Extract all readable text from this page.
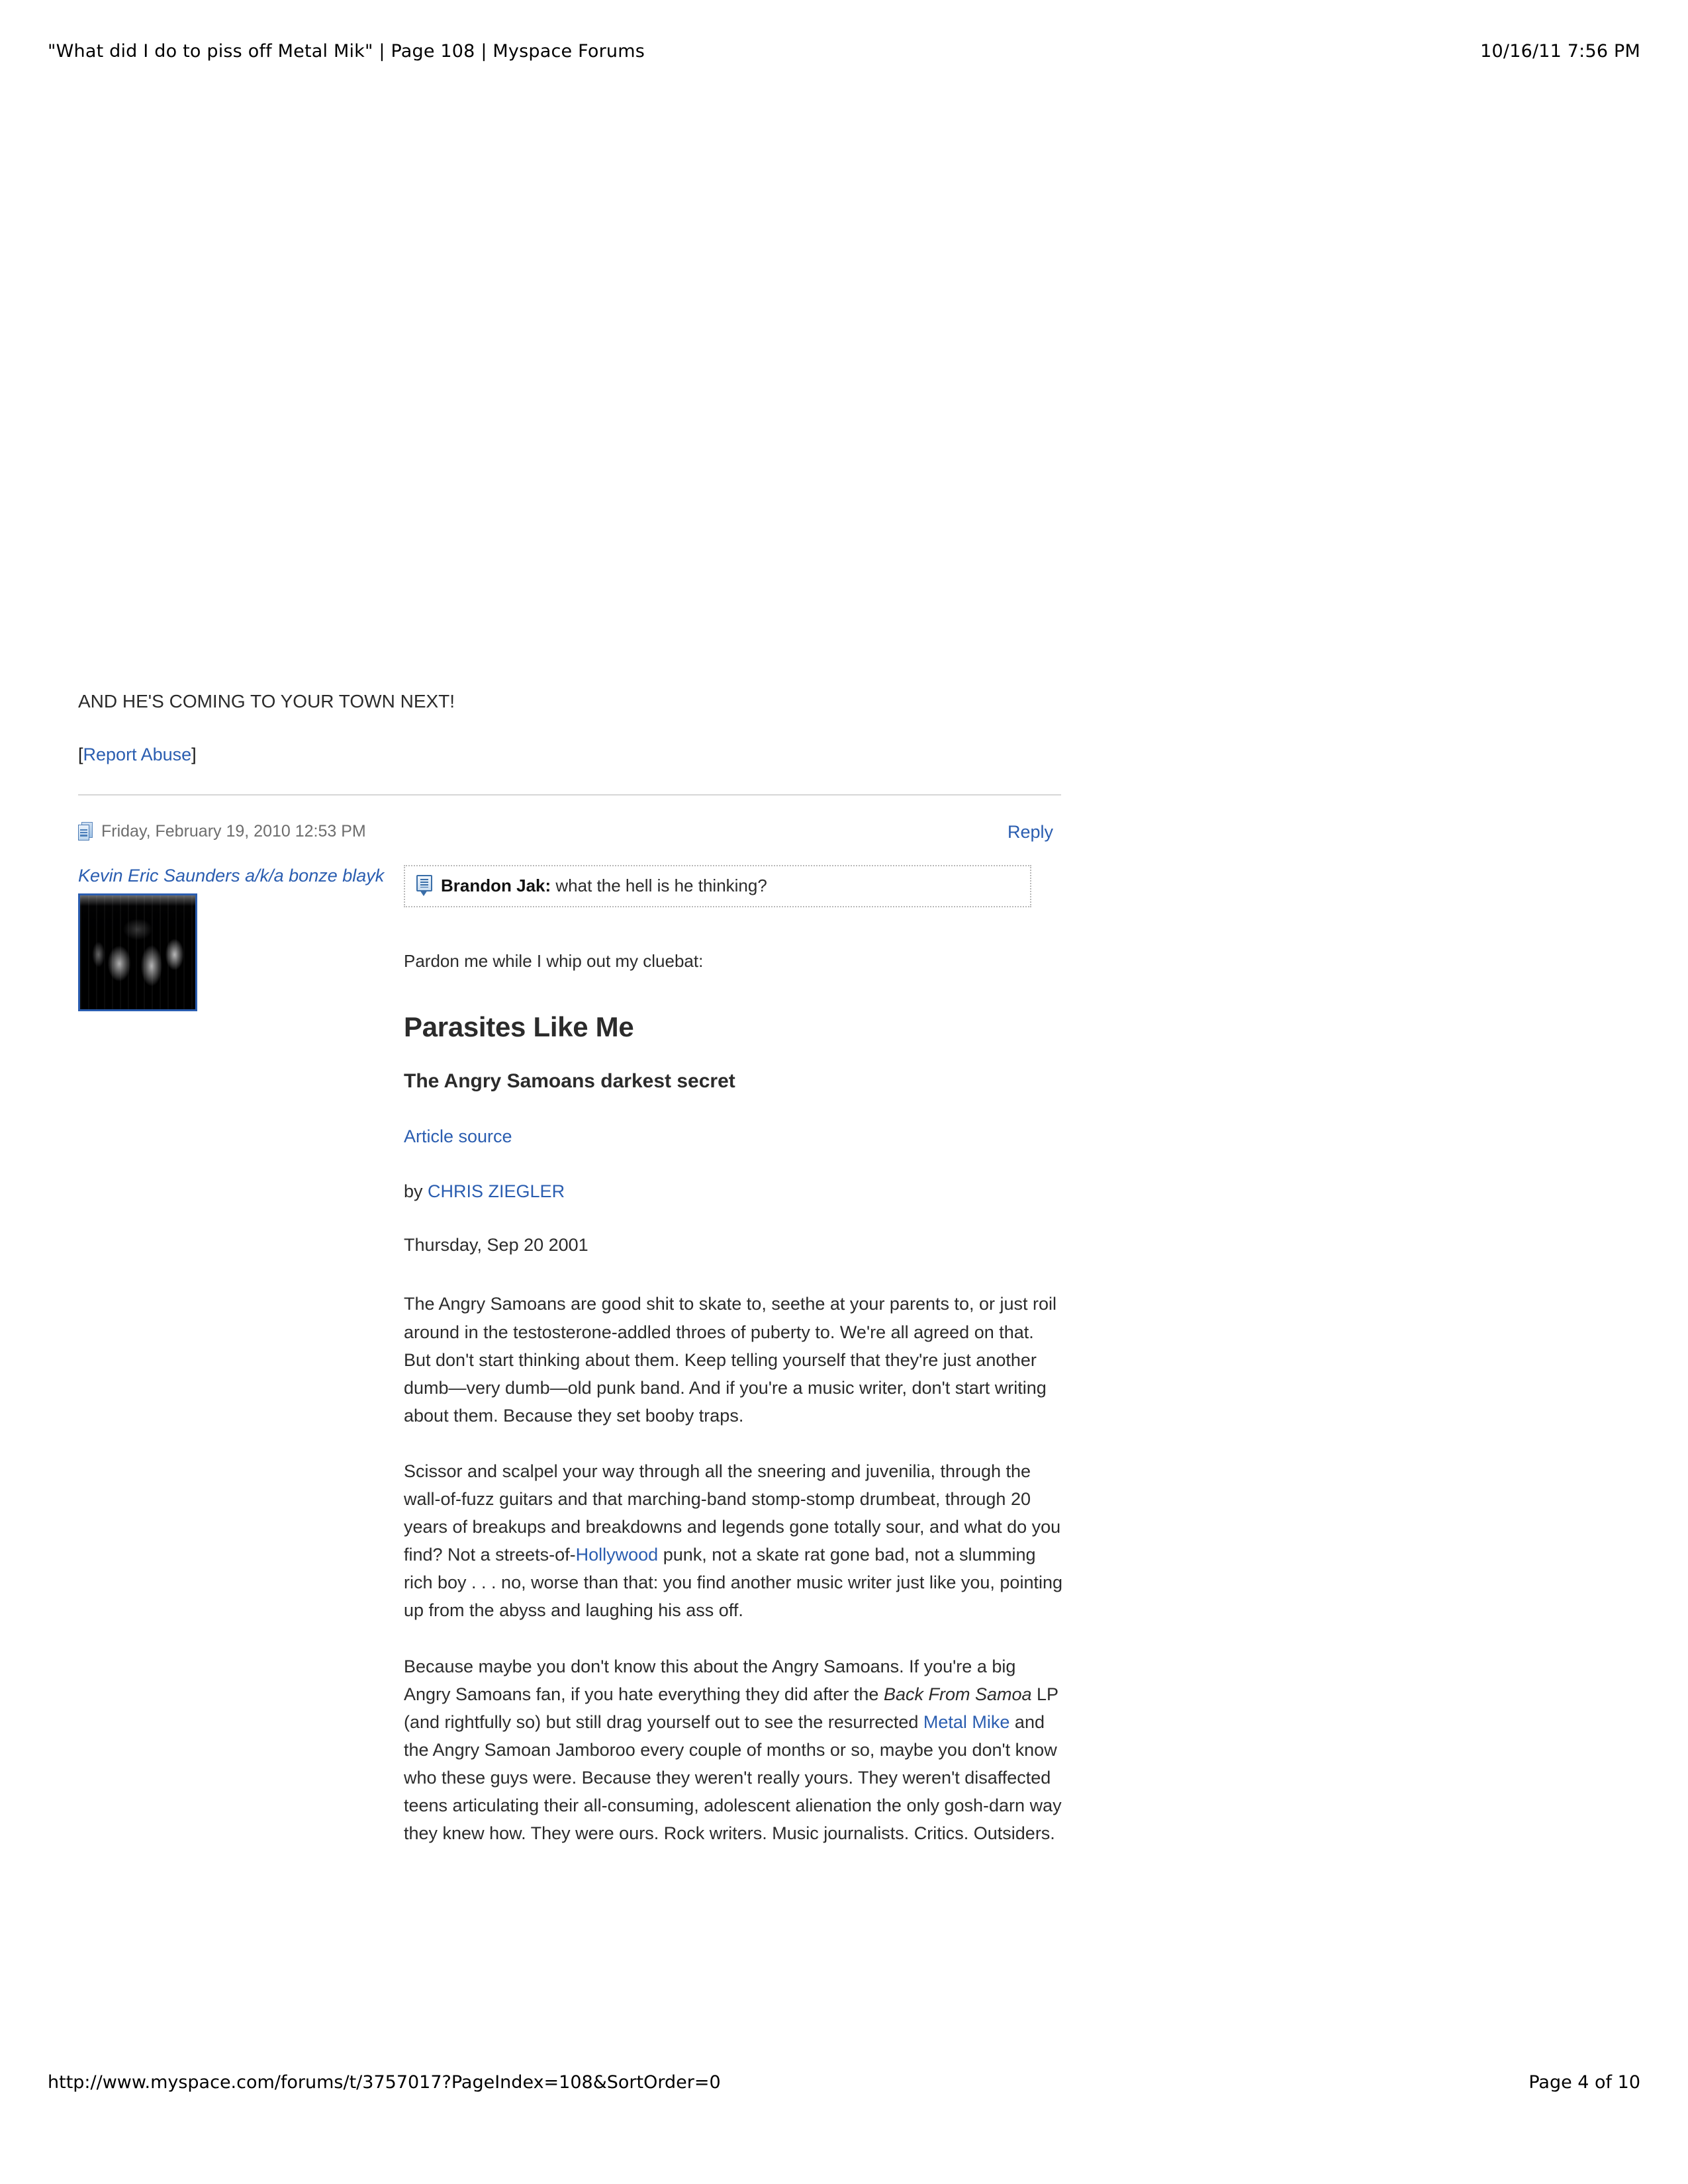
"What did I do to piss off Metal Mik" | Page 108 | Myspace Forums	10/16/11 7:56 PM

AND HE'S COMING TO YOUR TOWN NEXT!

[Report Abuse]

Friday, February 19, 2010 12:53 PM	Reply
Kevin Eric Saunders a/k/a bonze blayk	Brandon Jak: what the hell is he thinking?

Pardon me while I whip out my cluebat:

Parasites Like Me
The Angry Samoans darkest secret

Article source

by CHRIS ZIEGLER

Thursday, Sep 20 2001

The Angry Samoans are good shit to skate to, seethe at your parents to, or just roil around in the testosterone-addled throes of puberty to. We're all agreed on that. But don't start thinking about them. Keep telling yourself that they're just another dumb—very dumb—old punk band. And if you're a music writer, don't start writing about them. Because they set booby traps.

Scissor and scalpel your way through all the sneering and juvenilia, through the wall-of-fuzz guitars and that marching-band stomp-stomp drumbeat, through 20 years of breakups and breakdowns and legends gone totally sour, and what do you find? Not a streets-of-Hollywood punk, not a skate rat gone bad, not a slumming rich boy . . . no, worse than that: you find another music writer just like you, pointing up from the abyss and laughing his ass off.

Because maybe you don't know this about the Angry Samoans. If you're a big Angry Samoans fan, if you hate everything they did after the Back From Samoa LP (and rightfully so) but still drag yourself out to see the resurrected Metal Mike and the Angry Samoan Jamboroo every couple of months or so, maybe you don't know who these guys were. Because they weren't really yours. They weren't disaffected teens articulating their all-consuming, adolescent alienation the only gosh-darn way they knew how. They were ours. Rock writers. Music journalists. Critics. Outsiders.

http://www.myspace.com/forums/t/3757017?PageIndex=108&SortOrder=0	Page 4 of 10
